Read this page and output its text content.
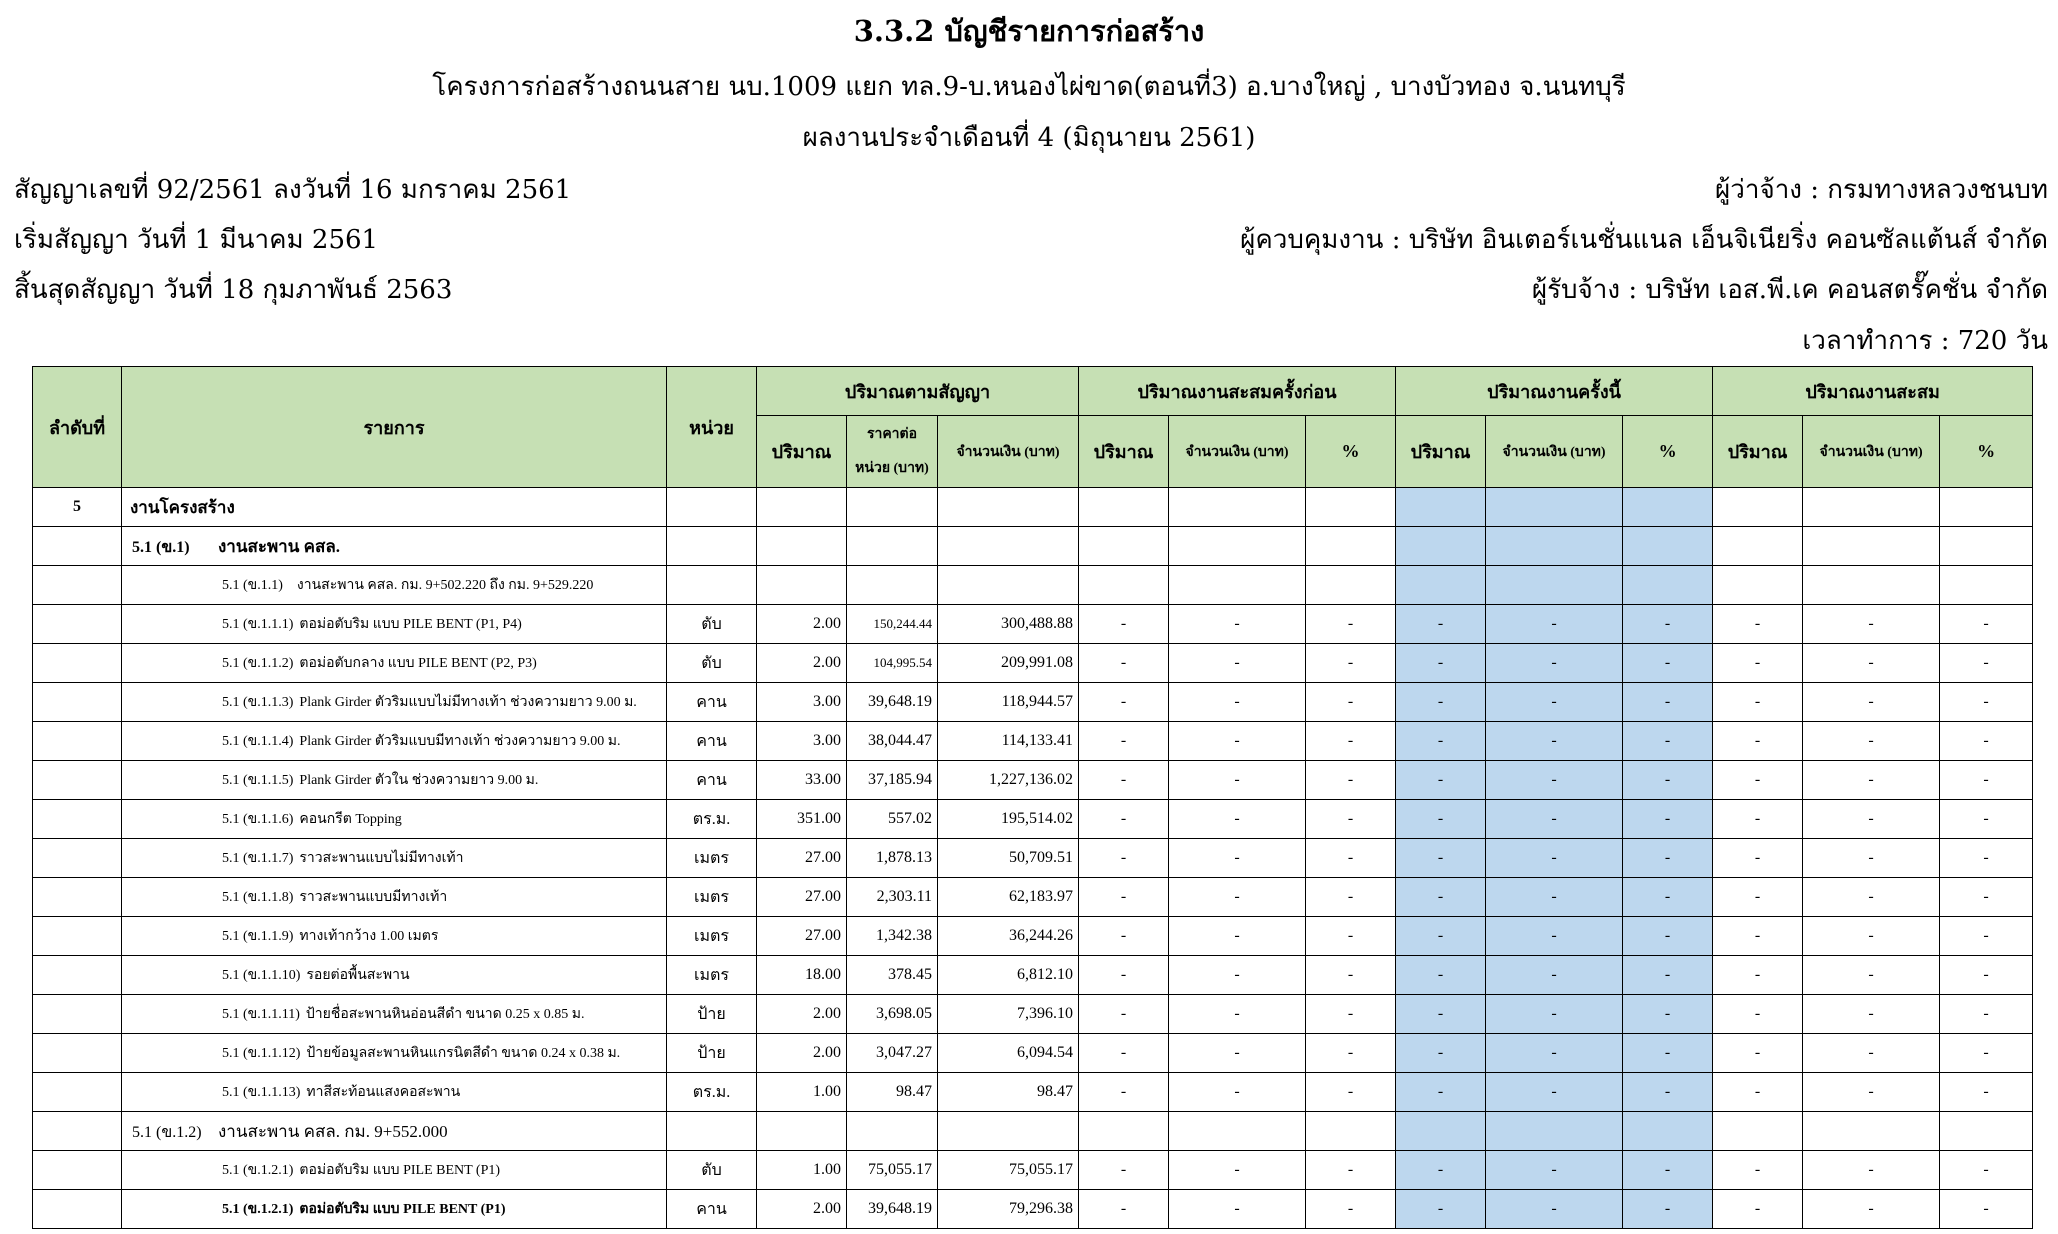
3.3.2 บัญชีรายการก่อสร้าง
โครงการก่อสร้างถนนสาย นบ.1009 แยก ทล.9-บ.หนองไผ่ขาด(ตอนที่3) อ.บางใหญ่ , บางบัวทอง จ.นนทบุรี
ผลงานประจำเดือนที่ 4 (มิถุนายน 2561)
สัญญาเลขที่ 92/2561 ลงวันที่ 16 มกราคม 2561
เริ่มสัญญา วันที่ 1 มีนาคม 2561
สิ้นสุดสัญญา วันที่ 18 กุมภาพันธ์ 2563
ผู้ว่าจ้าง : กรมทางหลวงชนบท
ผู้ควบคุมงาน : บริษัท อินเตอร์เนชั่นแนล เอ็นจิเนียริ่ง คอนซัลแต้นส์ จำกัด
ผู้รับจ้าง : บริษัท เอส.พี.เค คอนสตรั๊คชั่น จำกัด
เวลาทำการ : 720 วัน
ลำดับที่	รายการ	หน่วย	ปริมาณตามสัญญา			ปริมาณงานสะสมครั้งก่อน			ปริมาณงานครั้งนี้			ปริมาณงานสะสม		
			ปริมาณ	ราคาต่อหน่วย (บาท)	จำนวนเงิน (บาท)	ปริมาณ	จำนวนเงิน (บาท)	%	ปริมาณ	จำนวนเงิน (บาท)	%	ปริมาณ	จำนวนเงิน (บาท)	%
5	งานโครงสร้าง													
	5.1 (ข.1) งานสะพาน คสล.													
	5.1 (ข.1.1) งานสะพาน คสล. กม. 9+502.220 ถึง กม. 9+529.220													
	5.1 (ข.1.1.1) ตอม่อตับริม แบบ PILE BENT (P1, P4)	ตับ	2.00	150,244.44	300,488.88	-	-	-	-	-	-	-	-	-
	5.1 (ข.1.1.2) ตอม่อตับกลาง แบบ PILE BENT (P2, P3)	ตับ	2.00	104,995.54	209,991.08	-	-	-	-	-	-	-	-	-
	5.1 (ข.1.1.3) Plank Girder ตัวริมแบบไม่มีทางเท้า ช่วงความยาว 9.00 ม.	คาน	3.00	39,648.19	118,944.57	-	-	-	-	-	-	-	-	-
	5.1 (ข.1.1.4) Plank Girder ตัวริมแบบมีทางเท้า ช่วงความยาว 9.00 ม.	คาน	3.00	38,044.47	114,133.41	-	-	-	-	-	-	-	-	-
	5.1 (ข.1.1.5) Plank Girder ตัวใน ช่วงความยาว 9.00 ม.	คาน	33.00	37,185.94	1,227,136.02	-	-	-	-	-	-	-	-	-
	5.1 (ข.1.1.6) คอนกรีต Topping	ตร.ม.	351.00	557.02	195,514.02	-	-	-	-	-	-	-	-	-
	5.1 (ข.1.1.7) ราวสะพานแบบไม่มีทางเท้า	เมตร	27.00	1,878.13	50,709.51	-	-	-	-	-	-	-	-	-
	5.1 (ข.1.1.8) ราวสะพานแบบมีทางเท้า	เมตร	27.00	2,303.11	62,183.97	-	-	-	-	-	-	-	-	-
	5.1 (ข.1.1.9) ทางเท้ากว้าง 1.00 เมตร	เมตร	27.00	1,342.38	36,244.26	-	-	-	-	-	-	-	-	-
	5.1 (ข.1.1.10) รอยต่อพื้นสะพาน	เมตร	18.00	378.45	6,812.10	-	-	-	-	-	-	-	-	-
	5.1 (ข.1.1.11) ป้ายชื่อสะพานหินอ่อนสีดำ ขนาด 0.25 x 0.85 ม.	ป้าย	2.00	3,698.05	7,396.10	-	-	-	-	-	-	-	-	-
	5.1 (ข.1.1.12) ป้ายข้อมูลสะพานหินแกรนิตสีดำ ขนาด 0.24 x 0.38 ม.	ป้าย	2.00	3,047.27	6,094.54	-	-	-	-	-	-	-	-	-
	5.1 (ข.1.1.13) ทาสีสะท้อนแสงคอสะพาน	ตร.ม.	1.00	98.47	98.47	-	-	-	-	-	-	-	-	-
	5.1 (ข.1.2) งานสะพาน คสล. กม. 9+552.000													
	5.1 (ข.1.2.1) ตอม่อตับริม แบบ PILE BENT (P1)	ตับ	1.00	75,055.17	75,055.17	-	-	-	-	-	-	-	-	-
	5.1 (ข.1.2.1) ตอม่อตับริม แบบ PILE BENT (P1)	คาน	2.00	39,648.19	79,296.38	-	-	-	-	-	-	-	-	-
